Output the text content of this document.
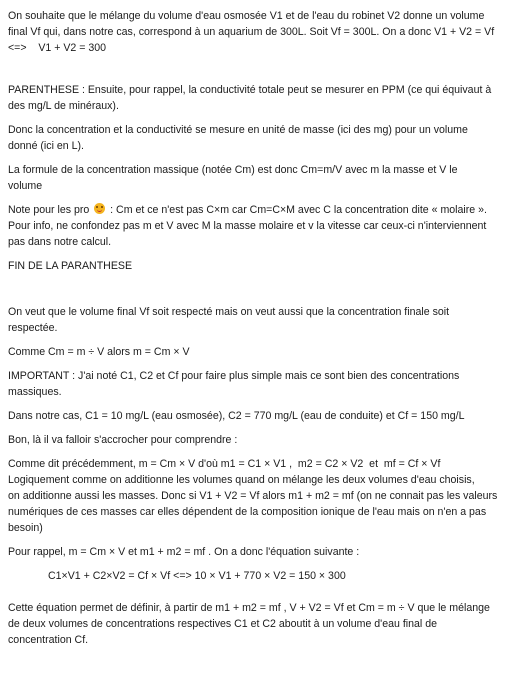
On souhaite que le mélange du volume d'eau osmosée V1 et de l'eau du robinet V2 donne un volume

final Vf qui, dans notre cas, correspond à un aquarium de 300L. Soit Vf = 300L. On a donc V1 + V2 = Vf

<=>    V1 + V2 = 300

PARENTHESE : Ensuite, pour rappel, la conductivité totale peut se mesurer en PPM (ce qui équivaut à

des mg/L de minéraux).

Donc la concentration et la conductivité se mesure en unité de masse (ici des mg) pour un volume

donné (ici en L).

La formule de la concentration massique (notée Cm) est donc Cm=m/V avec m la masse et V le

volume

Note pour les pro : Cm et ce n'est pas C×m car Cm=C×M avec C la concentration dite « molaire ».

Pour info, ne confondez pas m et V avec M la masse molaire et v la vitesse car ceux-ci n'interviennent

pas dans notre calcul.

FIN DE LA PARANTHESE

On veut que le volume final Vf soit respecté mais on veut aussi que la concentration finale soit

respectée.

Comme Cm = m ÷ V alors m = Cm × V

IMPORTANT : J'ai noté C1, C2 et Cf pour faire plus simple mais ce sont bien des concentrations

massiques.

Dans notre cas, C1 = 10 mg/L (eau osmosée), C2 = 770 mg/L (eau de conduite) et Cf = 150 mg/L

Bon, là il va falloir s'accrocher pour comprendre :

Comme dit précédemment, m = Cm × V d'où m1 = C1 × V1 ,  m2 = C2 × V2  et  mf = Cf × Vf

Logiquement comme on additionne les volumes quand on mélange les deux volumes d'eau choisis,

on additionne aussi les masses. Donc si V1 + V2 = Vf alors m1 + m2 = mf (on ne connait pas les valeurs

numériques de ces masses car elles dépendent de la composition ionique de l'eau mais on n'en a pas

besoin)

Pour rappel, m = Cm × V et m1 + m2 = mf . On a donc l'équation suivante :

C1×V1 + C2×V2 = Cf × Vf <=> 10 × V1 + 770 × V2 = 150 × 300

Cette équation permet de définir, à partir de m1 + m2 = mf , V + V2 = Vf et Cm = m ÷ V que le mélange

de deux volumes de concentrations respectives C1 et C2 aboutit à un volume d'eau final de

concentration Cf.
